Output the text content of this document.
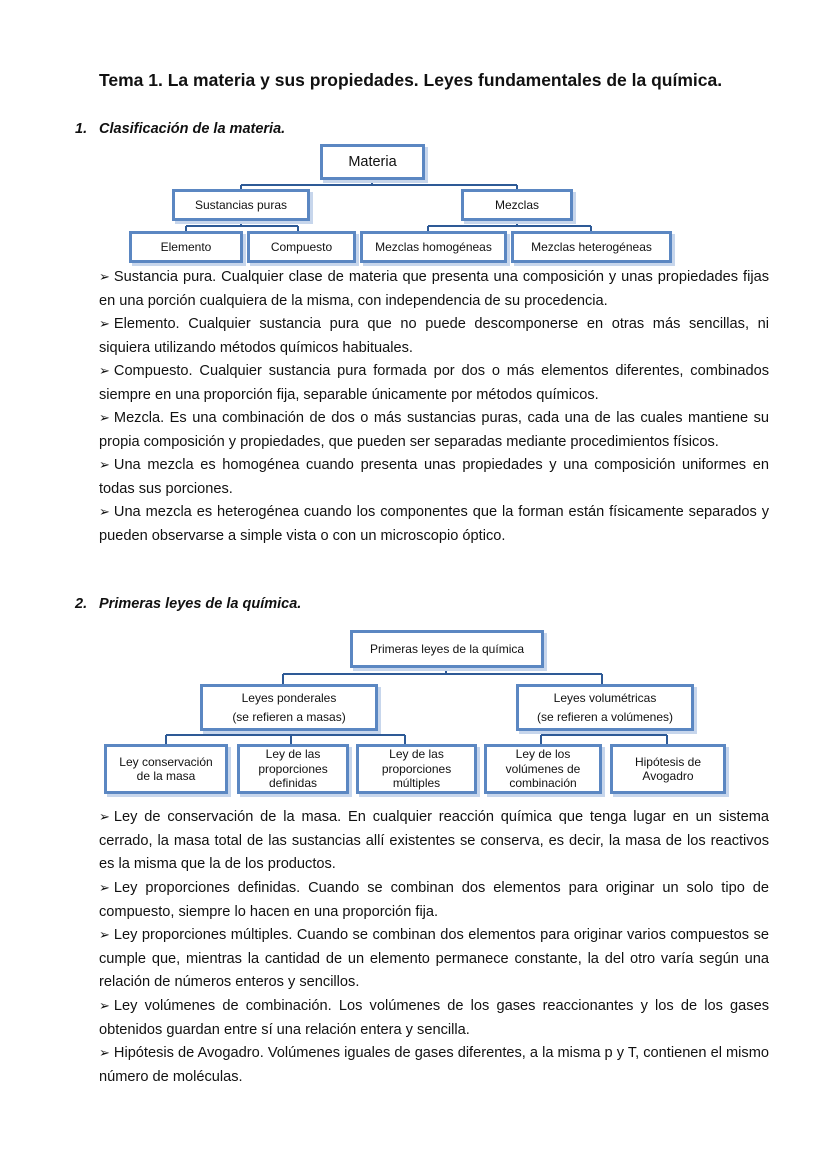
Tema 1. La materia y sus propiedades. Leyes fundamentales de la química.
1. Clasificación de la materia.
Materia
Sustancias puras	Mezclas
Elemento	Compuesto	Mezclas homogéneas	Mezclas heterogéneas

➢ Sustancia pura. Cualquier clase de materia que presenta una composición y unas propiedades fijas en una porción cualquiera de la misma, con independencia de su procedencia.

➢ Elemento. Cualquier sustancia pura que no puede descomponerse en otras más sencillas, ni siquiera utilizando métodos químicos habituales.

➢ Compuesto. Cualquier sustancia pura formada por dos o más elementos diferentes, combinados siempre en una proporción fija, separable únicamente por métodos químicos.

➢ Mezcla. Es una combinación de dos o más sustancias puras, cada una de las cuales mantiene su propia composición y propiedades, que pueden ser separadas mediante procedimientos físicos.

➢ Una mezcla es homogénea cuando presenta unas propiedades y una composición uniformes en todas sus porciones.

➢ Una mezcla es heterogénea cuando los componentes que la forman están físicamente separados y pueden observarse a simple vista o con un microscopio óptico.

2. Primeras leyes de la química.
Primeras leyes de la química
Leyes ponderales
(se refieren a masas)
Leyes volumétricas
(se refieren a volúmenes)
Ley conservación
de la masa
Ley de las
proporciones
definidas
Ley de las
proporciones
múltiples
Ley de los
volúmenes de
combinación
Hipótesis de
Avogadro

➢ Ley de conservación de la masa. En cualquier reacción química que tenga lugar en un sistema cerrado, la masa total de las sustancias allí existentes se conserva, es decir, la masa de los reactivos es la misma que la de los productos.

➢ Ley proporciones definidas. Cuando se combinan dos elementos para originar un solo tipo de compuesto, siempre lo hacen en una proporción fija.

➢ Ley proporciones múltiples. Cuando se combinan dos elementos para originar varios compuestos se cumple que, mientras la cantidad de un elemento permanece constante, la del otro varía según una relación de números enteros y sencillos.

➢ Ley volúmenes de combinación. Los volúmenes de los gases reaccionantes y los de los gases obtenidos guardan entre sí una relación entera y sencilla.

➢ Hipótesis de Avogadro. Volúmenes iguales de gases diferentes, a la misma p y T, contienen el mismo número de moléculas.
